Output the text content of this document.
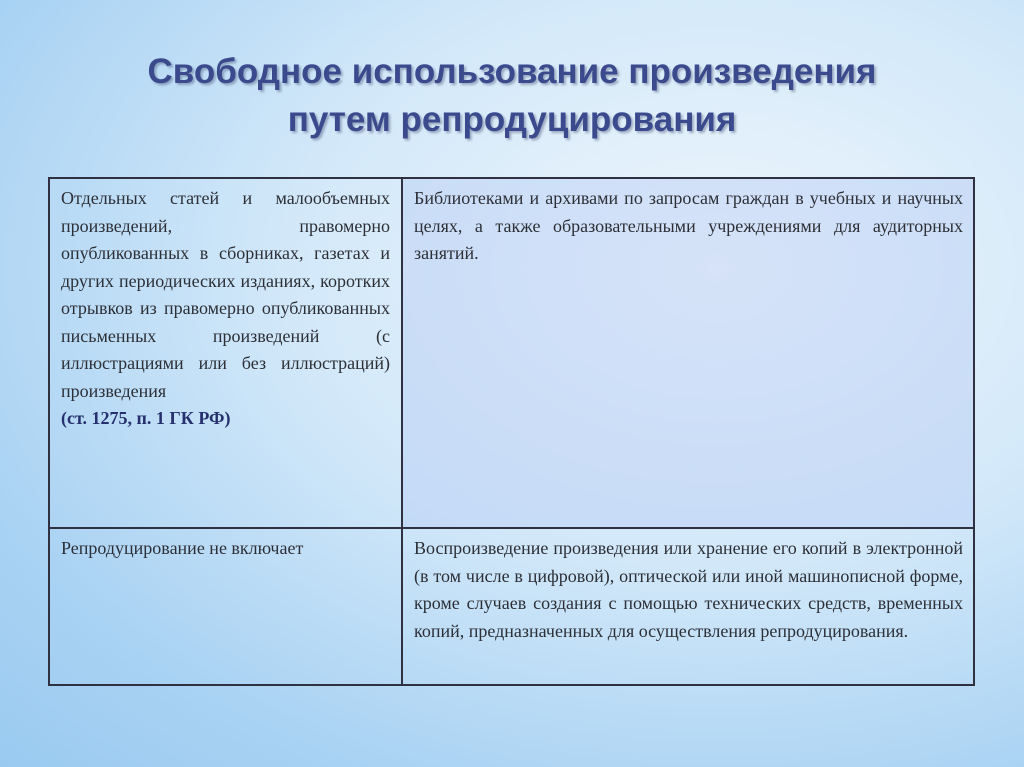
Свободное использование произведения
путем репродуцирования
Отдельных статей и малообъемных произведений, правомерно опубликованных в сборниках, газетах и других периодических изданиях, коротких отрывков из правомерно опубликованных письменных произведений (с иллюстрациями или без иллюстраций) произведения
(ст. 1275, п. 1 ГК РФ)	Библиотеками и архивами по запросам граждан в учебных и научных целях, а также образовательными учреждениями для аудиторных занятий.
Репродуцирование не включает	Воспроизведение произведения или хранение его копий в электронной (в том числе в цифровой), оптической или иной машинописной форме, кроме случаев создания с помощью технических средств, временных копий, предназначенных для осуществления репродуцирования.
